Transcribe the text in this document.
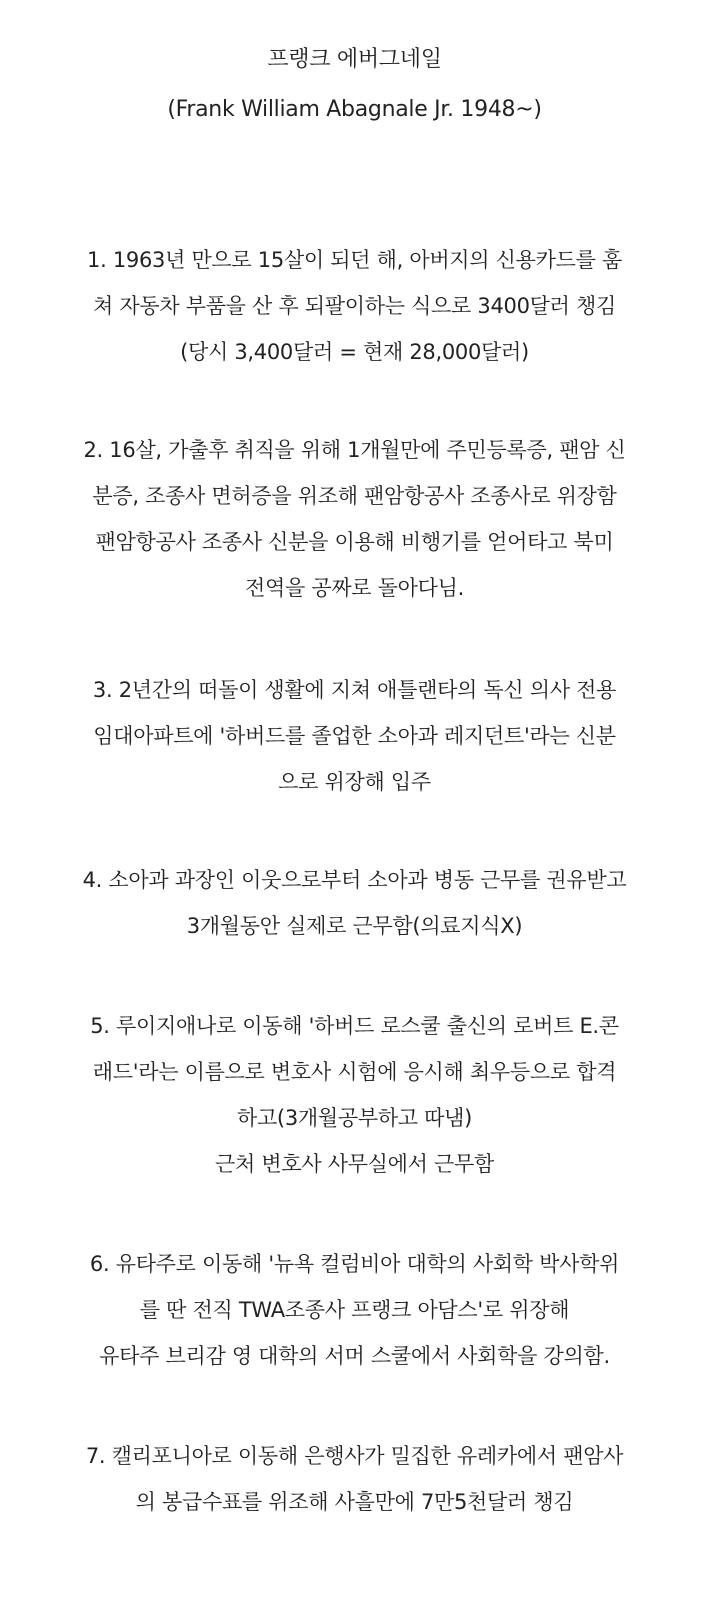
프랭크 에버그네일
(Frank William Abagnale Jr. 1948~)
1. 1963년 만으로 15살이 되던 해, 아버지의 신용카드를 훔
쳐 자동차 부품을 산 후 되팔이하는 식으로 3400달러 챙김
(당시 3,400달러 = 현재 28,000달러)
2. 16살, 가출후 취직을 위해 1개월만에 주민등록증, 팬암 신
분증, 조종사 면허증을 위조해 팬암항공사 조종사로 위장함
팬암항공사 조종사 신분을 이용해 비행기를 얻어타고 북미
전역을 공짜로 돌아다님.
3. 2년간의 떠돌이 생활에 지쳐 애틀랜타의 독신 의사 전용
임대아파트에 '하버드를 졸업한 소아과 레지던트'라는 신분
으로 위장해 입주
4. 소아과 과장인 이웃으로부터 소아과 병동 근무를 권유받고
3개월동안 실제로 근무함(의료지식X)
5. 루이지애나로 이동해 '하버드 로스쿨 출신의 로버트 E.콘
래드'라는 이름으로 변호사 시험에 응시해 최우등으로 합격
하고(3개월공부하고 따냄)
근처 변호사 사무실에서 근무함
6. 유타주로 이동해 '뉴욕 컬럼비아 대학의 사회학 박사학위
를 딴 전직 TWA조종사 프랭크 아담스'로 위장해
유타주 브리감 영 대학의 서머 스쿨에서 사회학을 강의함.
7. 캘리포니아로 이동해 은행사가 밀집한 유레카에서 팬암사
의 봉급수표를 위조해 사흘만에 7만5천달러 챙김
